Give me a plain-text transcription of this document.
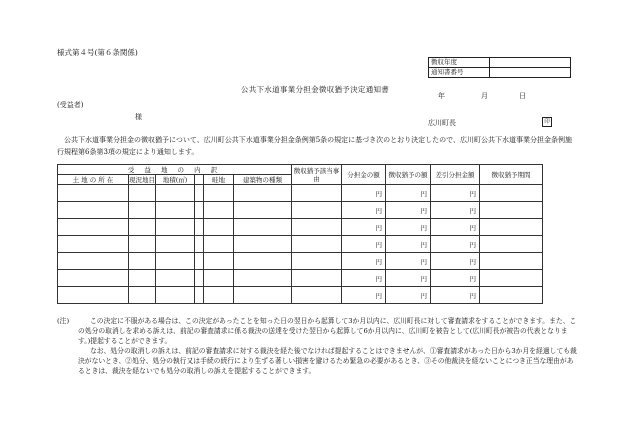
様式第４号(第６条関係)
徴収年度	
通知書番号	
公共下水道事業分担金徴収猶予決定通知書
年	月	日
(受益者)
様
広川町長	印
公共下水道事業分担金の徴収猶予について、広川町公共下水道事業分担金条例第5条の規定に基づき次のとおり決定したので、広川町公共下水道事業分担金条例施行規程第6条第3項の規定により通知します。
受 益 地 の 内 訳						徴収猶予該当事由	分担金の額	徴収猶予の額	差引分担金額	徴収猶予期間
土 地 の 所 在	現況地目	地積(㎡)		畦地	建築物の種類					
							円	円	円	
							円	円	円	
							円	円	円	
							円	円	円	
							円	円	円	
							円	円	円	
							円	円	円	
(注)	この決定に不服がある場合は、この決定があったことを知った日の翌日から起算して3か月以内に、広川町長に対して審査請求をすることができます。また、この処分の取消しを求める訴えは、前記の審査請求に係る裁決の送達を受けた翌日から起算して6か月以内に、広川町を被告として(広川町長が被告の代表となります。)提起することができます。

なお、処分の取消しの訴えは、前記の審査請求に対する裁決を経た後でなければ提起することはできませんが、①審査請求があった日から3か月を経過しても裁決がないとき、②処分、処分の執行又は手続の続行により生ずる著しい損害を避けるため緊急の必要があるとき、③その他裁決を経ないことにつき正当な理由があるときは、裁決を経ないでも処分の取消しの訴えを提起することができます。
